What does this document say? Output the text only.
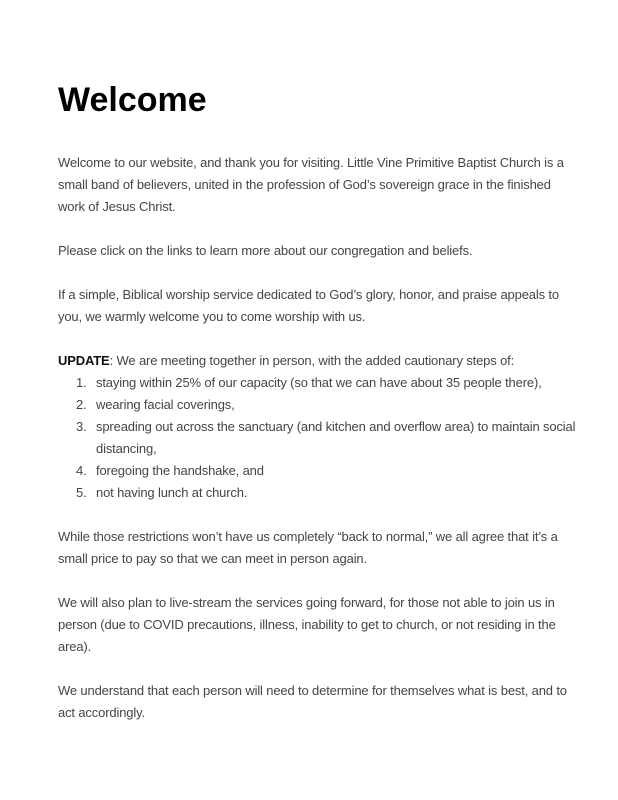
Welcome

Welcome to our website, and thank you for visiting. Little Vine Primitive Baptist Church is a small band of believers, united in the profession of God’s sovereign grace in the finished work of Jesus Christ.

Please click on the links to learn more about our congregation and beliefs.

If a simple, Biblical worship service dedicated to God’s glory, honor, and praise appeals to you, we warmly welcome you to come worship with us.

UPDATE: We are meeting together in person, with the added cautionary steps of:

1. staying within 25% of our capacity (so that we can have about 35 people there),
2. wearing facial coverings,
3. spreading out across the sanctuary (and kitchen and overflow area) to maintain social distancing,
4. foregoing the handshake, and
5. not having lunch at church.

While those restrictions won’t have us completely “back to normal,” we all agree that it’s a small price to pay so that we can meet in person again.

We will also plan to live-stream the services going forward, for those not able to join us in person (due to COVID precautions, illness, inability to get to church, or not residing in the area).

We understand that each person will need to determine for themselves what is best, and to act accordingly.
